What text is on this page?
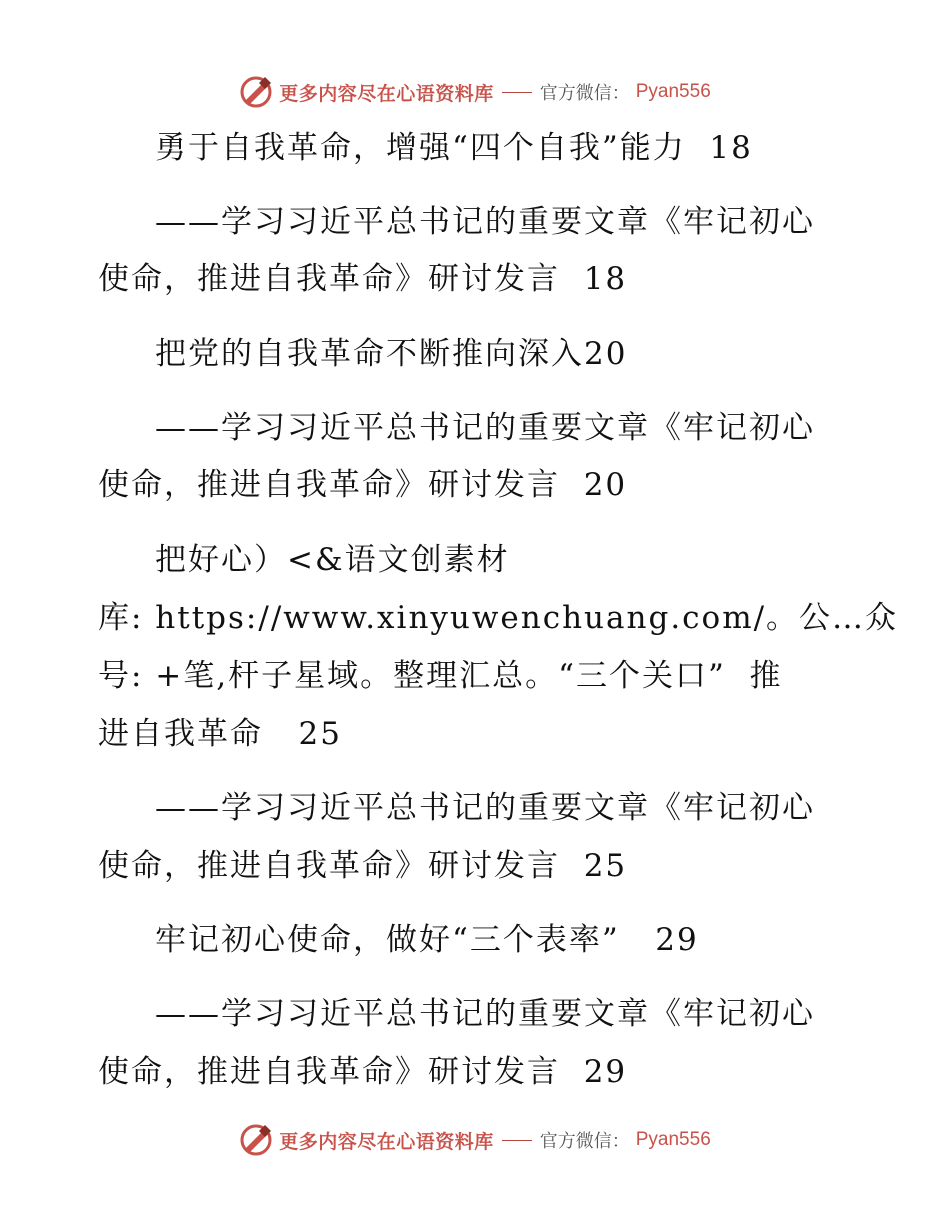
更多内容尽在心语资料库	官方微信： Pyan556
勇于自我革命，增强“四个自我”能力  18
——学习习近平总书记的重要文章《牢记初心
使命，推进自我革命》研讨发言  18
把党的自我革命不断推向深入20
——学习习近平总书记的重要文章《牢记初心
使命，推进自我革命》研讨发言  20
把好心）<&语文创素材
库: https://www.xinyuwenchuang.com/。公…众
号: +笔,杆子星域。整理汇总。“三个关口”  推
进自我革命   25
——学习习近平总书记的重要文章《牢记初心
使命，推进自我革命》研讨发言  25
牢记初心使命，做好“三个表率”   29
——学习习近平总书记的重要文章《牢记初心
使命，推进自我革命》研讨发言  29
更多内容尽在心语资料库	官方微信： Pyan556
